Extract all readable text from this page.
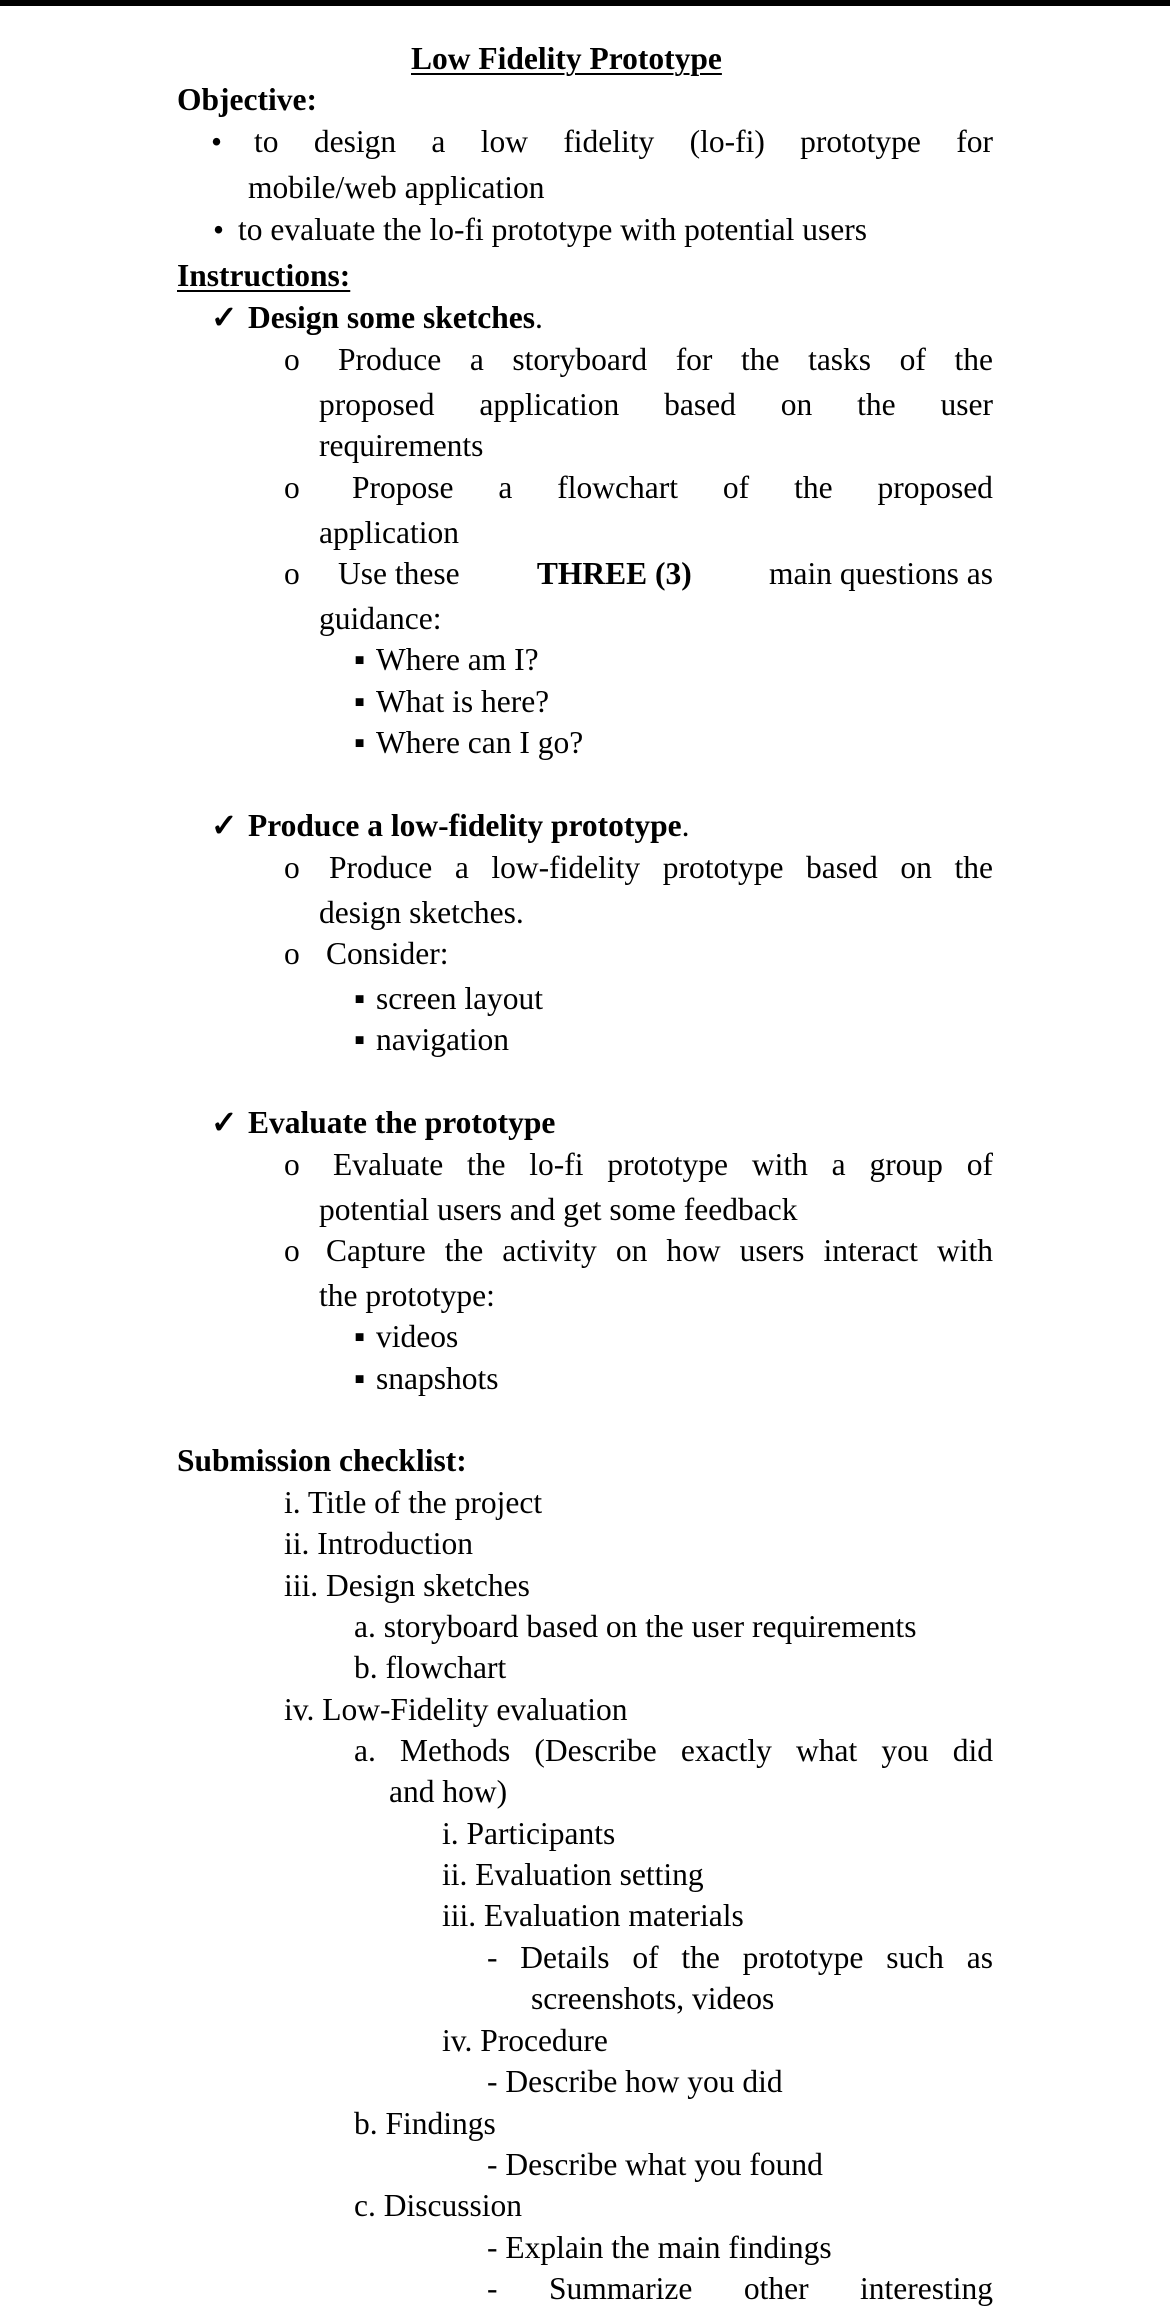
Low Fidelity Prototype
Objective:
• to design a low fidelity (lo-fi) prototype for
mobile/web application
• to evaluate the lo-fi prototype with potential users
Instructions:
✓ Design some sketches.
o Produce a storyboard for the tasks of the
proposed application based on the user
requirements
o Propose a flowchart of the proposed
application
o Use these THREE (3) main questions as
guidance:
▪ Where am I?
▪ What is here?
▪ Where can I go?
✓ Produce a low-fidelity prototype.
o Produce a low-fidelity prototype based on the
design sketches.
o Consider:
▪ screen layout
▪ navigation
✓ Evaluate the prototype
o Evaluate the lo-fi prototype with a group of
potential users and get some feedback
o Capture the activity on how users interact with
the prototype:
▪ videos
▪ snapshots
Submission checklist:
i. Title of the project
ii. Introduction
iii. Design sketches
a. storyboard based on the user requirements
b. flowchart
iv. Low-Fidelity evaluation
a. Methods (Describe exactly what you did
and how)
i. Participants
ii. Evaluation setting
iii. Evaluation materials
- Details of the prototype such as
screenshots, videos
iv. Procedure
- Describe how you did
b. Findings
- Describe what you found
c. Discussion
- Explain the main findings
- Summarize other interesting
